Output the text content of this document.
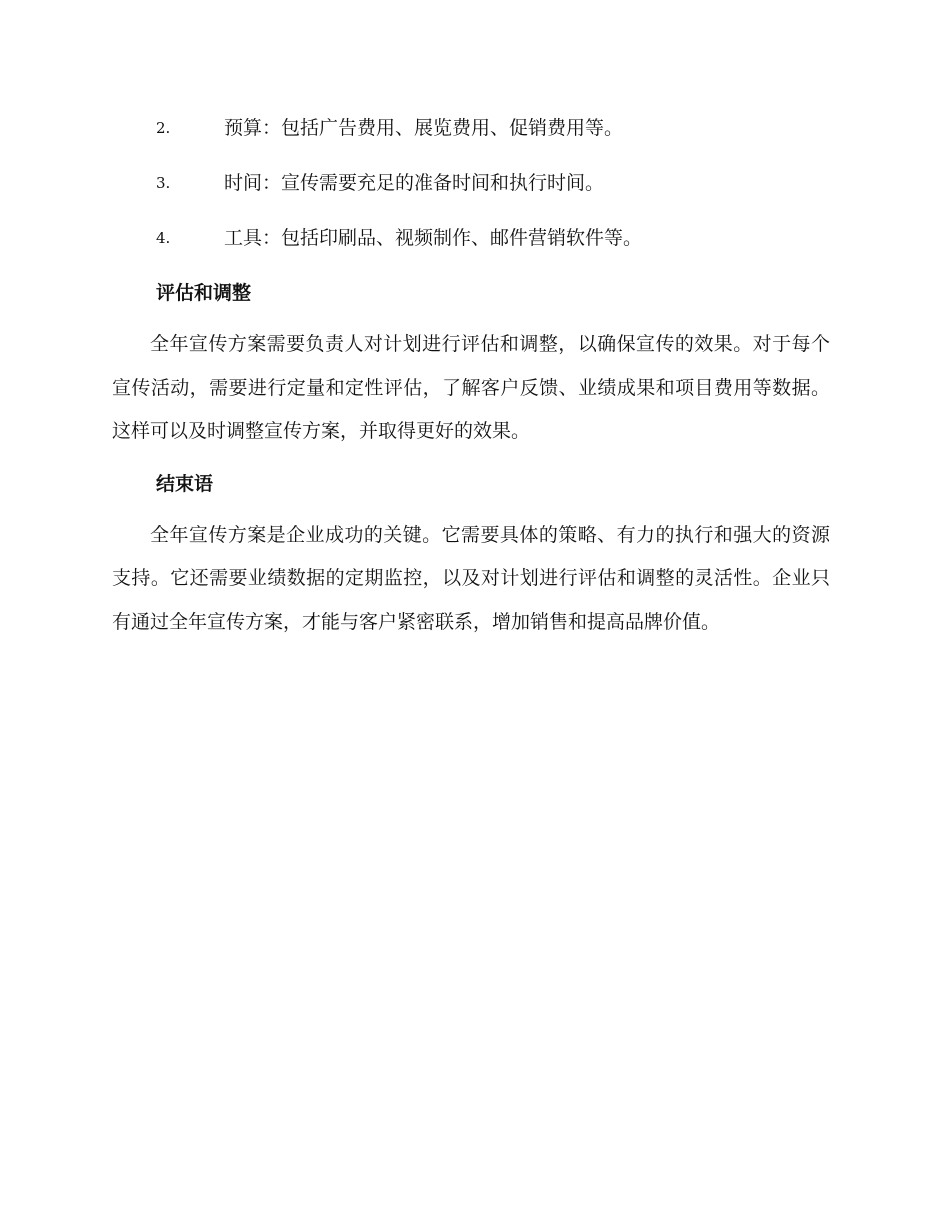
2.	预算：包括广告费用、展览费用、促销费用等。
3.	时间：宣传需要充足的准备时间和执行时间。
4.	工具：包括印刷品、视频制作、邮件营销软件等。
评估和调整

全年宣传方案需要负责人对计划进行评估和调整，以确保宣传的效果。对于每个宣传活动，需要进行定量和定性评估，了解客户反馈、业绩成果和项目费用等数据。这样可以及时调整宣传方案，并取得更好的效果。

结束语

全年宣传方案是企业成功的关键。它需要具体的策略、有力的执行和强大的资源支持。它还需要业绩数据的定期监控，以及对计划进行评估和调整的灵活性。企业只有通过全年宣传方案，才能与客户紧密联系，增加销售和提高品牌价值。
